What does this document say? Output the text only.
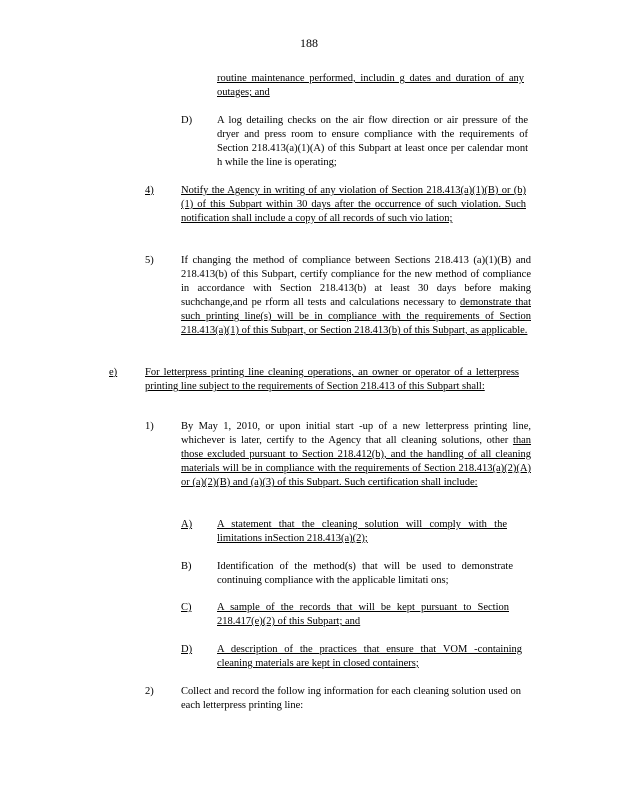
188
routine maintenance performed, includin g dates and duration of any outages; and
D) A log detailing checks on the air flow direction or air pressure of the dryer and press room to ensure compliance with the requirements of Section 218.413(a)(1)(A) of this Subpart at least once per calendar mont h while the line is operating;
4)	Notify the Agency in writing of any violation of Section 218.413(a)(1)(B) or (b)(1) of this Subpart within 30 days after the occurrence of such violation. Such notification shall include a copy of all records of such vio lation;
5)	If changing the method of compliance between Sections 218.413 (a)(1)(B) and 218.413(b) of this Subpart, certify compliance for the new method of compliance in accordance with Section 218.413(b) at least 30 days before making suchchange,and pe rform all tests and calculations necessary to demonstrate that such printing line(s) will be in compliance with the requirements of Section 218.413(a)(1) of this Subpart, or Section 218.413(b) of this Subpart, as applicable.
e)	For letterpress printing line cleaning operations, an owner or operator of a letterpress printing line subject to the requirements of Section 218.413 of this Subpart shall:
1)	By May 1, 2010, or upon initial start -up of a new letterpress printing line, whichever is later, certify to the Agency that all cleaning solutions, other than those excluded pursuant to Section 218.412(b), and the handling of all cleaning materials will be in compliance with the requirements of Section 218.413(a)(2)(A) or (a)(2)(B) and (a)(3) of this Subpart. Such certification shall include:
A) A statement that the cleaning solution will comply with the limitations inSection 218.413(a)(2);
B) Identification of the method(s) that will be used to demonstrate continuing compliance with the applicable limitati ons;
C) A sample of the records that will be kept pursuant to Section 218.417(e)(2) of this Subpart; and
D) A description of the practices that ensure that VOM -containing cleaning materials are kept in closed containers;
2)	Collect and record the follow ing information for each cleaning solution used on each letterpress printing line:
